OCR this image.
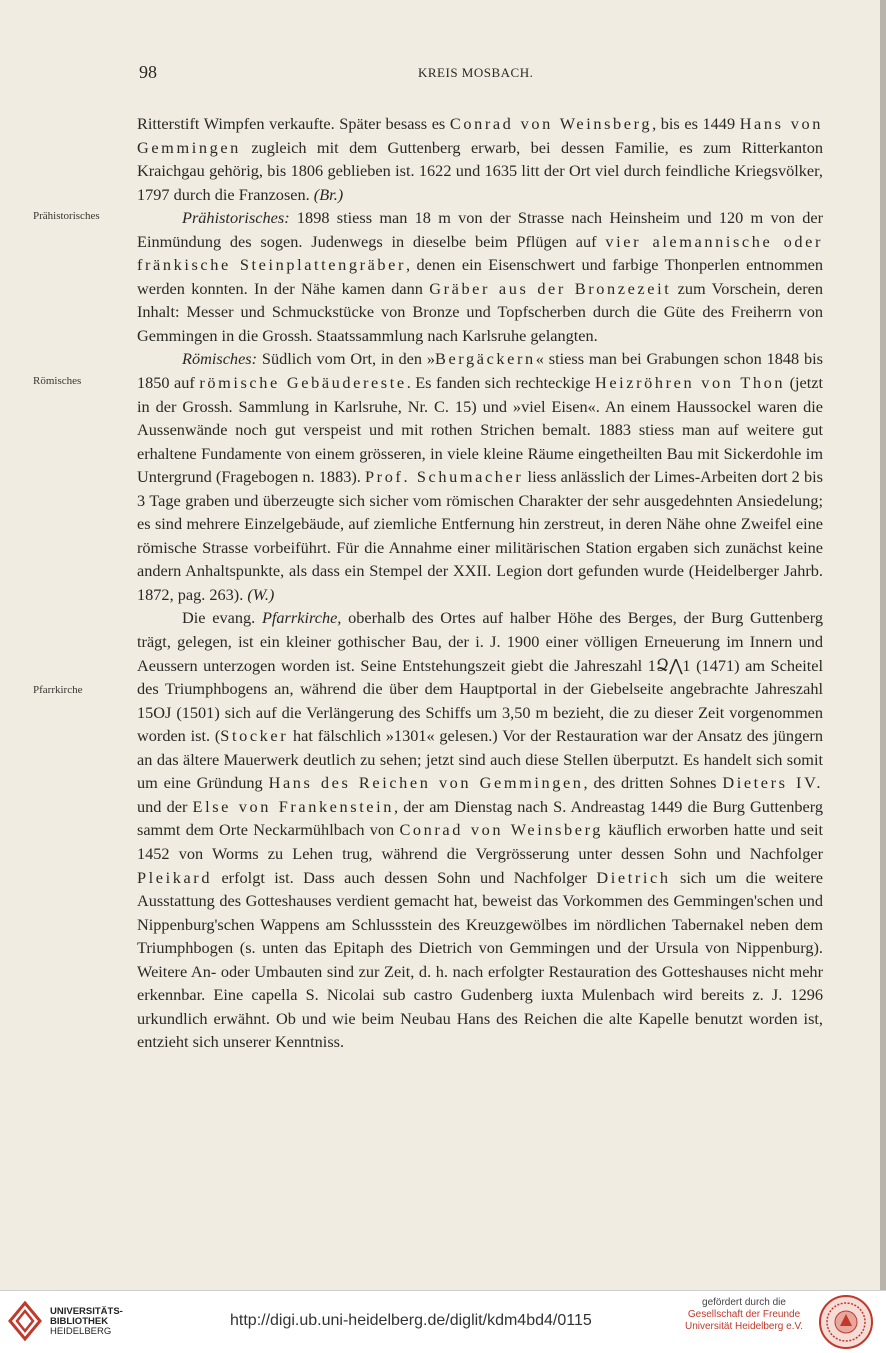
98	KREIS MOSBACH.
Prähistorisches
Römisches
Pfarrkirche

Ritterstift Wimpfen verkaufte. Später besass es Conrad von Weinsberg, bis es 1449 Hans von Gemmingen zugleich mit dem Guttenberg erwarb, bei dessen Familie, es zum Ritterkanton Kraichgau gehörig, bis 1806 geblieben ist. 1622 und 1635 litt der Ort viel durch feindliche Kriegsvölker, 1797 durch die Franzosen. (Br.)

Prähistorisches: 1898 stiess man 18 m von der Strasse nach Heinsheim und 120 m von der Einmündung des sogen. Judenwegs in dieselbe beim Pflügen auf vier alemannische oder fränkische Steinplattengräber, denen ein Eisenschwert und farbige Thonperlen entnommen werden konnten. In der Nähe kamen dann Gräber aus der Bronzezeit zum Vorschein, deren Inhalt: Messer und Schmuckstücke von Bronze und Topfscherben durch die Güte des Freiherrn von Gemmingen in die Grossh. Staatssammlung nach Karlsruhe gelangten.

Römisches: Südlich vom Ort, in den »Bergäckern« stiess man bei Grabungen schon 1848 bis 1850 auf römische Gebäudereste. Es fanden sich rechteckige Heizröhren von Thon (jetzt in der Grossh. Sammlung in Karlsruhe, Nr. C. 15) und »viel Eisen«. An einem Haussockel waren die Aussenwände noch gut verspeist und mit rothen Strichen bemalt. 1883 stiess man auf weitere gut erhaltene Fundamente von einem grösseren, in viele kleine Räume eingetheilten Bau mit Sickerdohle im Untergrund (Fragebogen n. 1883). Prof. Schumacher liess anlässlich der Limes-Arbeiten dort 2 bis 3 Tage graben und überzeugte sich sicher vom römischen Charakter der sehr ausgedehnten Ansiedelung; es sind mehrere Einzelgebäude, auf ziemliche Entfernung hin zerstreut, in deren Nähe ohne Zweifel eine römische Strasse vorbeiführt. Für die Annahme einer militärischen Station ergaben sich zunächst keine andern Anhaltspunkte, als dass ein Stempel der XXII. Legion dort gefunden wurde (Heidelberger Jahrb. 1872, pag. 263). (W.)

Die evang. Pfarrkirche, oberhalb des Ortes auf halber Höhe des Berges, der Burg Guttenberg trägt, gelegen, ist ein kleiner gothischer Bau, der i. J. 1900 einer völligen Erneuerung im Innern und Aeussern unterzogen worden ist. Seine Entstehungszeit giebt die Jahreszahl 1Ձ⋀1 (1471) am Scheitel des Triumphbogens an, während die über dem Hauptportal in der Giebelseite angebrachte Jahreszahl 15OJ (1501) sich auf die Verlängerung des Schiffs um 3,50 m bezieht, die zu dieser Zeit vorgenommen worden ist. (Stocker hat fälschlich »1301« gelesen.) Vor der Restauration war der Ansatz des jüngern an das ältere Mauerwerk deutlich zu sehen; jetzt sind auch diese Stellen überputzt. Es handelt sich somit um eine Gründung Hans des Reichen von Gemmingen, des dritten Sohnes Dieters IV. und der Else von Frankenstein, der am Dienstag nach S. Andreastag 1449 die Burg Guttenberg sammt dem Orte Neckarmühlbach von Conrad von Weinsberg käuflich erworben hatte und seit 1452 von Worms zu Lehen trug, während die Vergrösserung unter dessen Sohn und Nachfolger Pleikard erfolgt ist. Dass auch dessen Sohn und Nachfolger Dietrich sich um die weitere Ausstattung des Gotteshauses verdient gemacht hat, beweist das Vorkommen des Gemmingen'schen und Nippenburg'schen Wappens am Schlussstein des Kreuzgewölbes im nördlichen Tabernakel neben dem Triumphbogen (s. unten das Epitaph des Dietrich von Gemmingen und der Ursula von Nippenburg). Weitere An- oder Umbauten sind zur Zeit, d. h. nach erfolgter Restauration des Gotteshauses nicht mehr erkennbar. Eine capella S. Nicolai sub castro Gudenberg iuxta Mulenbach wird bereits z. J. 1296 urkundlich erwähnt. Ob und wie beim Neubau Hans des Reichen die alte Kapelle benutzt worden ist, entzieht sich unserer Kenntniss.

UNIVERSITÄTS-
BIBLIOTHEK
HEIDELBERG
http://digi.ub.uni-heidelberg.de/diglit/kdm4bd4/0115
gefördert durch die
Gesellschaft der Freunde
Universität Heidelberg e.V.
